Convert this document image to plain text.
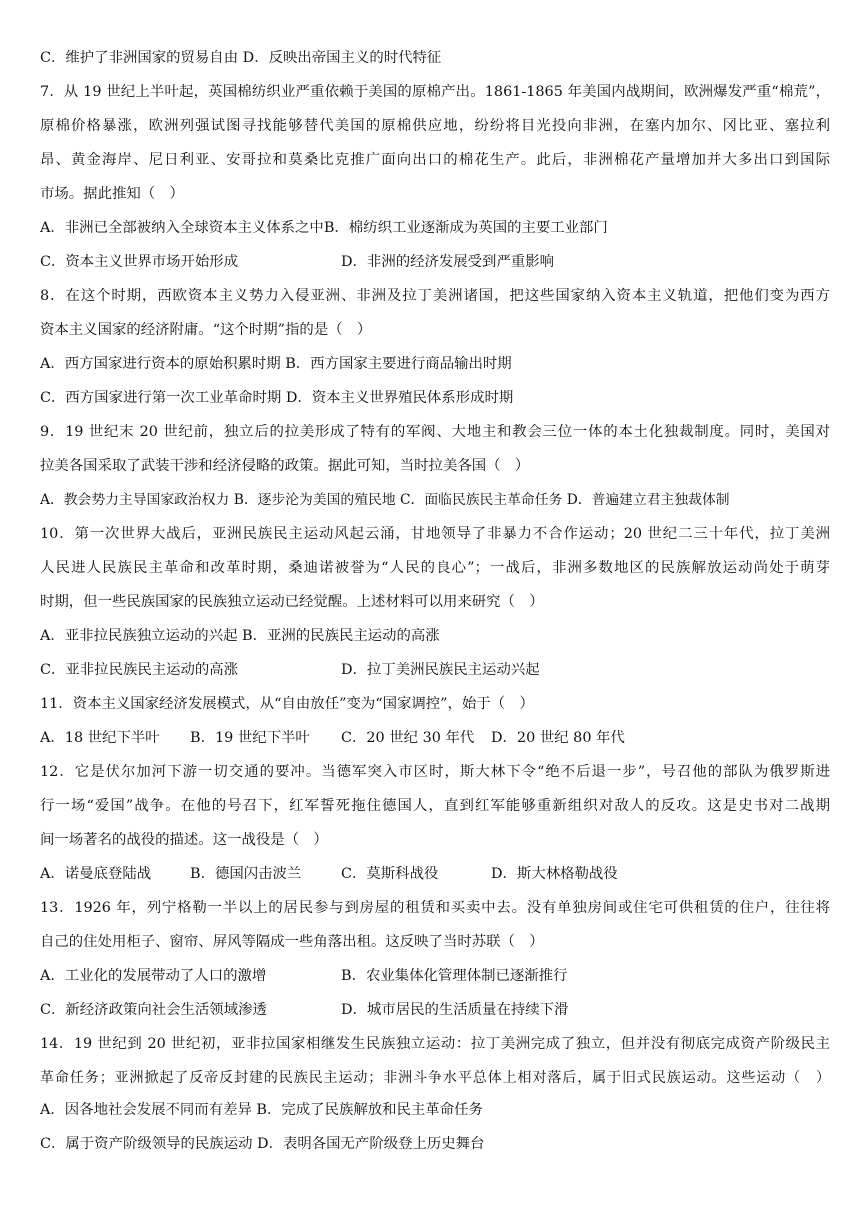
C．维护了非洲国家的贸易自由 D．反映出帝国主义的时代特征
7．从 19 世纪上半叶起，英国棉纺织业严重依赖于美国的原棉产出。1861-1865 年美国内战期间，欧洲爆发严重“棉荒”，
原棉价格暴涨，欧洲列强试图寻找能够替代美国的原棉供应地，纷纷将目光投向非洲，在塞内加尔、冈比亚、塞拉利
昂、黄金海岸、尼日利亚、安哥拉和莫桑比克推广面向出口的棉花生产。此后，非洲棉花产量增加并大多出口到国际
市场。据此推知（　）
A．非洲已全部被纳入全球资本主义体系之中B．棉纺织工业逐渐成为英国的主要工业部门
C．资本主义世界市场开始形成	D．非洲的经济发展受到严重影响
8．在这个时期，西欧资本主义势力入侵亚洲、非洲及拉丁美洲诸国，把这些国家纳入资本主义轨道，把他们变为西方
资本主义国家的经济附庸。“这个时期”指的是（　）
A．西方国家进行资本的原始积累时期 B．西方国家主要进行商品输出时期
C．西方国家进行第一次工业革命时期 D．资本主义世界殖民体系形成时期
9．19 世纪末 20 世纪前，独立后的拉美形成了特有的军阀、大地主和教会三位一体的本土化独裁制度。同时，美国对
拉美各国采取了武装干涉和经济侵略的政策。据此可知，当时拉美各国（　）
A．教会势力主导国家政治权力 B．逐步沦为美国的殖民地 C．面临民族民主革命任务 D．普遍建立君主独裁体制
10．第一次世界大战后，亚洲民族民主运动风起云涌，甘地领导了非暴力不合作运动；20 世纪二三十年代，拉丁美洲
人民进人民族民主革命和改革时期，桑迪诺被誉为“人民的良心”；一战后，非洲多数地区的民族解放运动尚处于萌芽
时期，但一些民族国家的民族独立运动已经觉醒。上述材料可以用来研究（　）
A．亚非拉民族独立运动的兴起 B．亚洲的民族民主运动的高涨
C．亚非拉民族民主运动的高涨	D．拉丁美洲民族民主运动兴起
11．资本主义国家经济发展模式，从“自由放任”变为“国家调控”，始于（　）
A．18 世纪下半叶 B．19 世纪下半叶 C．20 世纪 30 年代 D．20 世纪 80 年代
12．它是伏尔加河下游一切交通的要冲。当德军突入市区时，斯大林下令“绝不后退一步”，号召他的部队为俄罗斯进
行一场“爱国”战争。在他的号召下，红军誓死拖住德国人，直到红军能够重新组织对敌人的反攻。这是史书对二战期
间一场著名的战役的描述。这一战役是（　）
A．诺曼底登陆战	B．德国闪击波兰	C．莫斯科战役	D．斯大林格勒战役
13．1926 年，列宁格勒一半以上的居民参与到房屋的租赁和买卖中去。没有单独房间或住宅可供租赁的住户，往往将
自己的住处用柜子、窗帘、屏风等隔成一些角落出租。这反映了当时苏联（　）
A．工业化的发展带动了人口的激增	B．农业集体化管理体制已逐渐推行
C．新经济政策向社会生活领域渗透	D．城市居民的生活质量在持续下滑
14．19 世纪到 20 世纪初，亚非拉国家相继发生民族独立运动：拉丁美洲完成了独立，但并没有彻底完成资产阶级民主
革命任务；亚洲掀起了反帝反封建的民族民主运动；非洲斗争水平总体上相对落后，属于旧式民族运动。这些运动（　）
A．因各地社会发展不同而有差异 B．完成了民族解放和民主革命任务
C．属于资产阶级领导的民族运动 D．表明各国无产阶级登上历史舞台
